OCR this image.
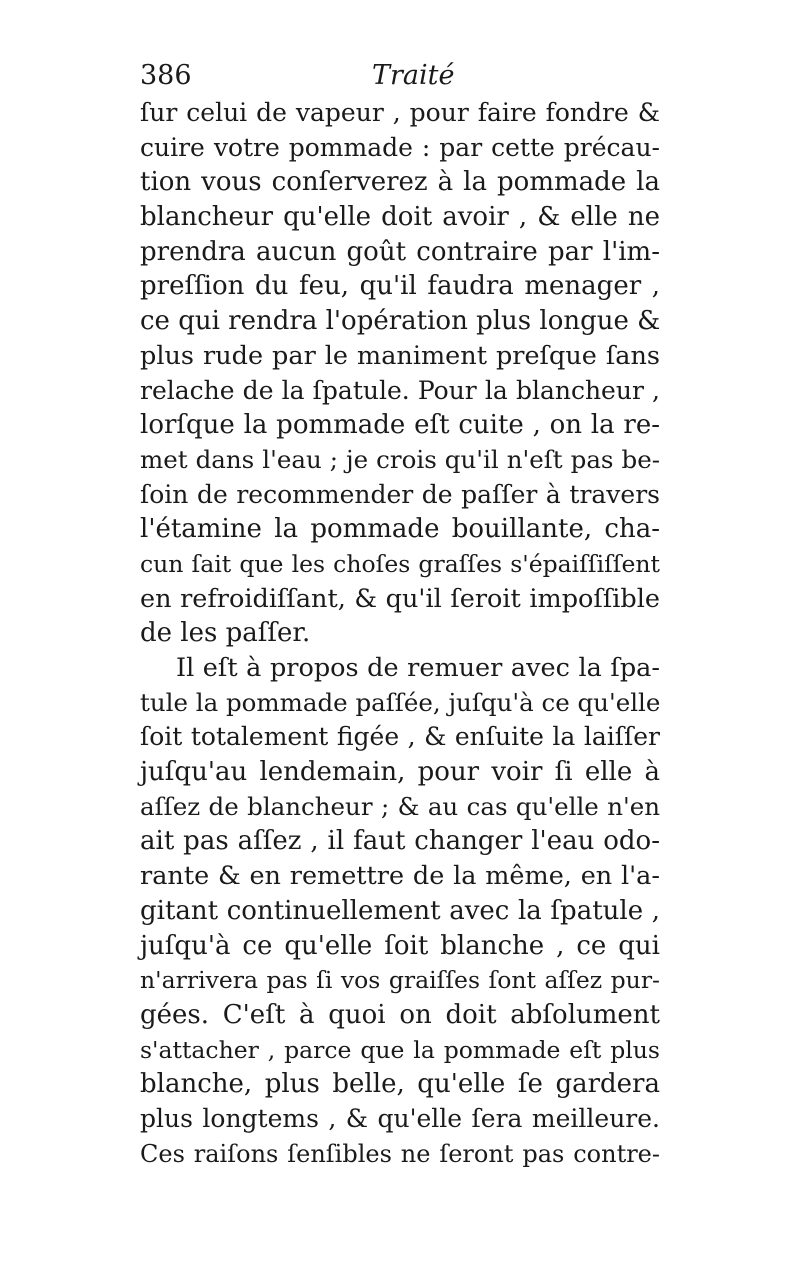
386	Traité
ſur celui de vapeur , pour faire fondre &
cuire votre pommade : par cette précau-
tion vous conſerverez à la pommade la
blancheur qu'elle doit avoir , & elle ne
prendra aucun goût contraire par l'im-
preſſion du feu, qu'il faudra menager ,
ce qui rendra l'opération plus longue &
plus rude par le maniment preſque ſans
relache de la ſpatule. Pour la blancheur ,
lorſque la pommade eſt cuite , on la re-
met dans l'eau ; je crois qu'il n'eſt pas be-
ſoin de recommender de paſſer à travers
l'étamine la pommade bouillante, cha-
cun ſait que les choſes graſſes s'épaiſſiſſent
en refroidiſſant, & qu'il ſeroit impoſſible
de les paſſer.
Il eſt à propos de remuer avec la ſpa-
tule la pommade paſſée, juſqu'à ce qu'elle
ſoit totalement figée , & enſuite la laiſſer
juſqu'au lendemain, pour voir ſi elle à
aſſez de blancheur ; & au cas qu'elle n'en
ait pas aſſez , il faut changer l'eau odo-
rante & en remettre de la même, en l'a-
gitant continuellement avec la ſpatule ,
juſqu'à ce qu'elle ſoit blanche , ce qui
n'arrivera pas ſi vos graiſſes ſont aſſez pur-
gées. C'eſt à quoi on doit abſolument
s'attacher , parce que la pommade eſt plus
blanche, plus belle, qu'elle ſe gardera
plus longtems , & qu'elle ſera meilleure.
Ces raiſons ſenſibles ne ſeront pas contre-
